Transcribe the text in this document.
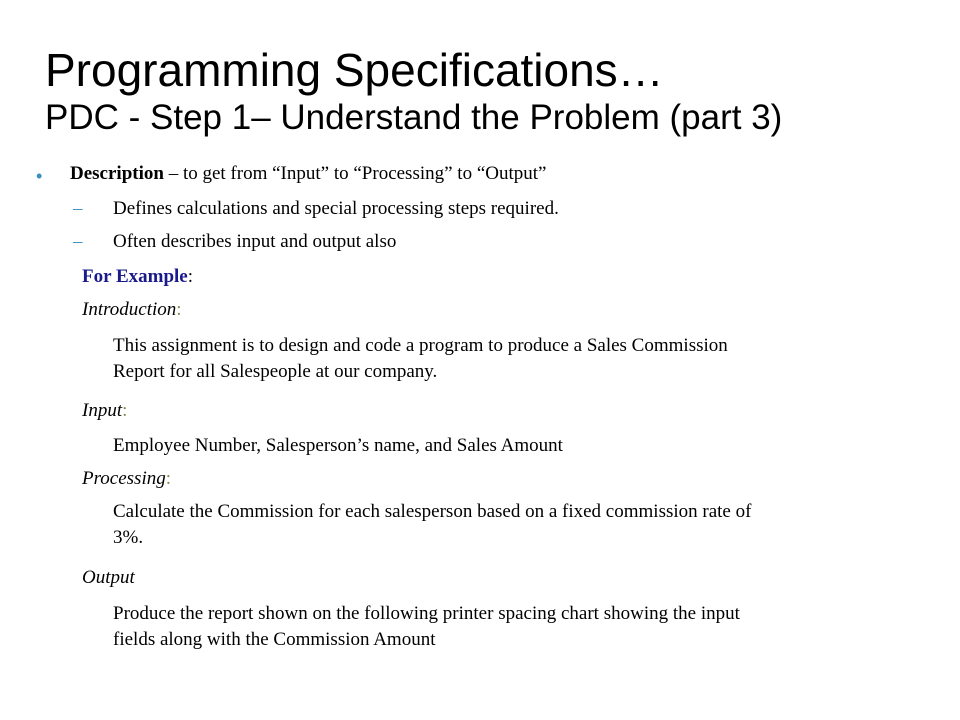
Programming Specifications…
PDC - Step 1– Understand the Problem (part 3)
• Description – to get from “Input” to “Processing” to “Output”
– Defines calculations and special processing steps required.
– Often describes input and output also
For Example:
Introduction:
This assignment is to design and code a program to produce a Sales Commission
Report for all Salespeople at our company.
Input:
Employee Number, Salesperson’s name, and Sales Amount
Processing:
Calculate the Commission for each salesperson based on a fixed commission rate of
3%.
Output
Produce the report shown on the following printer spacing chart showing the input
fields along with the Commission Amount
